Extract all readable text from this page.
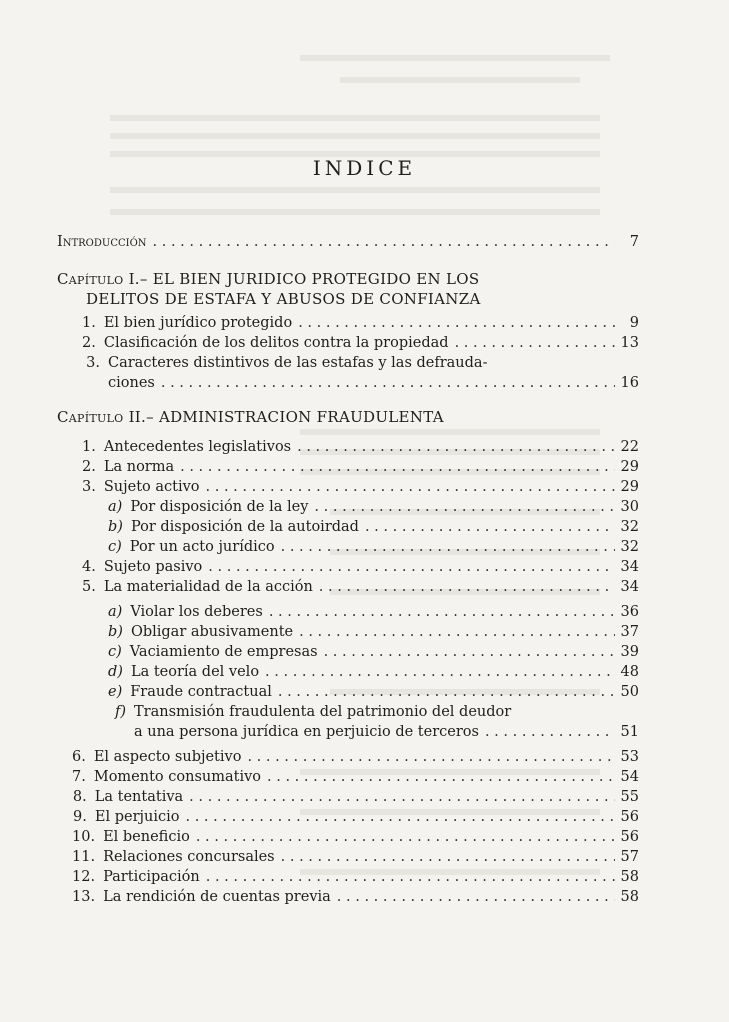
INDICE
Introducción . . .	7
Capítulo I. – EL BIEN JURIDICO PROTEGIDO EN LOS
DELITOS DE ESTAFA Y ABUSOS DE CONFIANZA
1. El bien jurídico protegido . . .	9
2. Clasificación de los delitos contra la propiedad . . .	13
3. Caracteres distintivos de las estafas y las defrauda-
ciones . . .	16
Capítulo II. – ADMINISTRACION FRAUDULENTA
1. Antecedentes legislativos . . .	22
2. La norma . . .	29
3. Sujeto activo . . .	29
a) Por disposición de la ley . . .	30
b) Por disposición de la autoirdad . . .	32
c) Por un acto jurídico . . .	32
4. Sujeto pasivo . . .	34
5. La materialidad de la acción . . .	34
a) Violar los deberes . . .	36
b) Obligar abusivamente . . .	37
c) Vaciamiento de empresas . . .	39
d) La teoría del velo . . .	48
e) Fraude contractual . . .	50
f) Transmisión fraudulenta del patrimonio del deudor
a una persona jurídica en perjuicio de terceros . . .	51
6. El aspecto subjetivo . . .	53
7. Momento consumativo . . .	54
8. La tentativa . . .	55
9. El perjuicio . . .	56
10. El beneficio . . .	56
11. Relaciones concursales . . .	57
12. Participación . . .	58
13. La rendición de cuentas previa . . .	58
